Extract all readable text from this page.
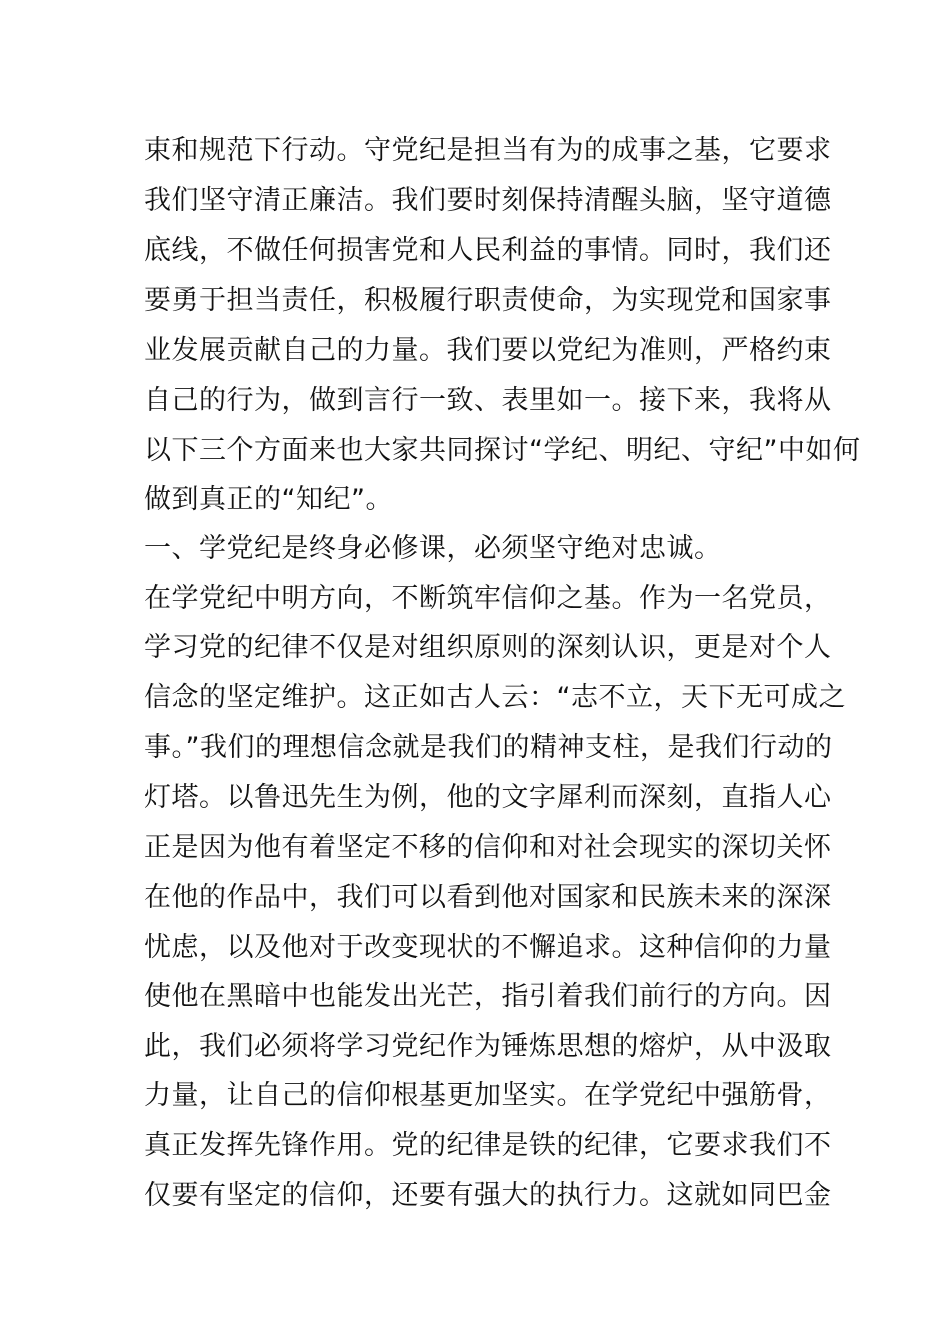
束和规范下行动。守党纪是担当有为的成事之基，它要求
我们坚守清正廉洁。我们要时刻保持清醒头脑，坚守道德
底线，不做任何损害党和人民利益的事情。同时，我们还
要勇于担当责任，积极履行职责使命，为实现党和国家事
业发展贡献自己的力量。我们要以党纪为准则，严格约束
自己的行为，做到言行一致、表里如一。接下来，我将从
以下三个方面来也大家共同探讨“学纪、明纪、守纪”中如何
做到真正的“知纪”。
一、学党纪是终身必修课，必须坚守绝对忠诚。
在学党纪中明方向，不断筑牢信仰之基。作为一名党员，
学习党的纪律不仅是对组织原则的深刻认识，更是对个人
信念的坚定维护。这正如古人云：“志不立，天下无可成之
事。”我们的理想信念就是我们的精神支柱，是我们行动的
灯塔。以鲁迅先生为例，他的文字犀利而深刻，直指人心
正是因为他有着坚定不移的信仰和对社会现实的深切关怀
在他的作品中，我们可以看到他对国家和民族未来的深深
忧虑，以及他对于改变现状的不懈追求。这种信仰的力量
使他在黑暗中也能发出光芒，指引着我们前行的方向。因
此，我们必须将学习党纪作为锤炼思想的熔炉，从中汲取
力量，让自己的信仰根基更加坚实。在学党纪中强筋骨，
真正发挥先锋作用。党的纪律是铁的纪律，它要求我们不
仅要有坚定的信仰，还要有强大的执行力。这就如同巴金
